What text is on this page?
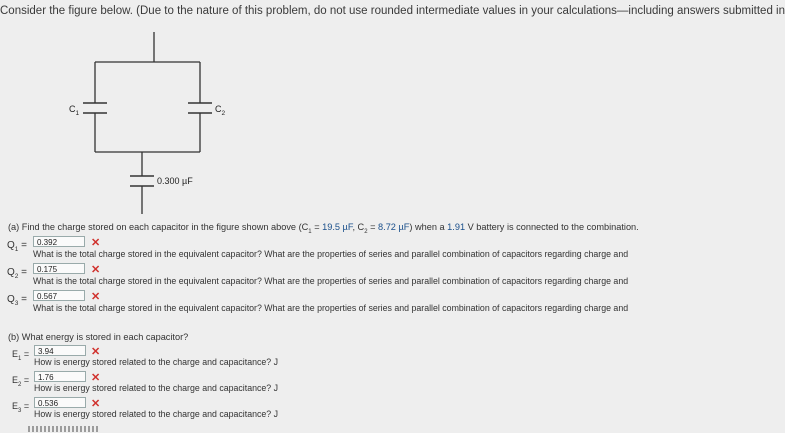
Consider the figure below. (Due to the nature of this problem, do not use rounded intermediate values in your calculations—including answers submitted in
$C_1$	$C_2$
0.300 µF
(a) Find the charge stored on each capacitor in the figure shown above ($C_1 = 19.5$ µF, $C_2 = 8.72$ µF) when a 1.91 V battery is connected to the combination.
$Q_1$ =	0.392	✕
What is the total charge stored in the equivalent capacitor? What are the properties of series and parallel combination of capacitors regarding charge and
$Q_2$ =	0.175	✕
What is the total charge stored in the equivalent capacitor? What are the properties of series and parallel combination of capacitors regarding charge and
$Q_3$ =	0.567	✕
What is the total charge stored in the equivalent capacitor? What are the properties of series and parallel combination of capacitors regarding charge and
(b) What energy is stored in each capacitor?
$E_1$ =	3.94	✕
How is energy stored related to the charge and capacitance? J
$E_2$ =	1.76	✕
How is energy stored related to the charge and capacitance? J
$E_3$ =	0.536	✕
How is energy stored related to the charge and capacitance? J
